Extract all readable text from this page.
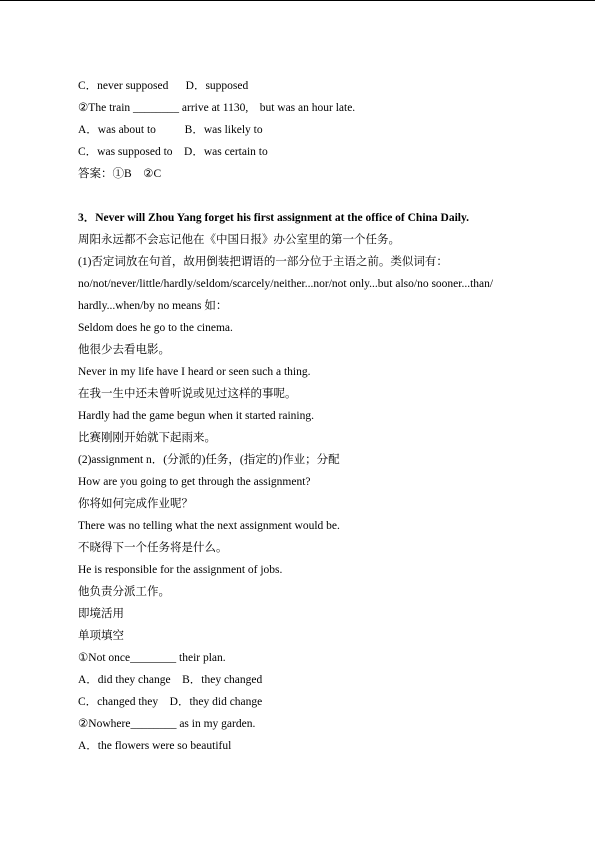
C．never supposed      D．supposed
②The train ________ arrive at 1130,    but was an hour late.
A．was about to          B．was likely to
C．was supposed to    D．was certain to
答案：①B    ②C
3．Never will Zhou Yang forget his first assignment at the office of China Daily.
周阳永远都不会忘记他在《中国日报》办公室里的第一个任务。
(1)否定词放在句首，故用倒装把谓语的一部分位于主语之前。类似词有：
no/not/never/little/hardly/seldom/scarcely/neither...nor/not only...but also/no sooner...than/
hardly...when/by no means 如：
Seldom does he go to the cinema.
他很少去看电影。
Never in my life have I heard or seen such a thing.
在我一生中还未曾听说或见过这样的事呢。
Hardly had the game begun when it started raining.
比赛刚刚开始就下起雨来。
(2)assignment n．(分派的)任务，(指定的)作业；分配
How are you going to get through the assignment?
你将如何完成作业呢？
There was no telling what the next assignment would be.
不晓得下一个任务将是什么。
He is responsible for the assignment of jobs.
他负责分派工作。
即境活用
单项填空
①Not once________ their plan.
A．did they change    B．they changed
C．changed they    D．they did change
②Nowhere________ as in my garden.
A．the flowers were so beautiful
